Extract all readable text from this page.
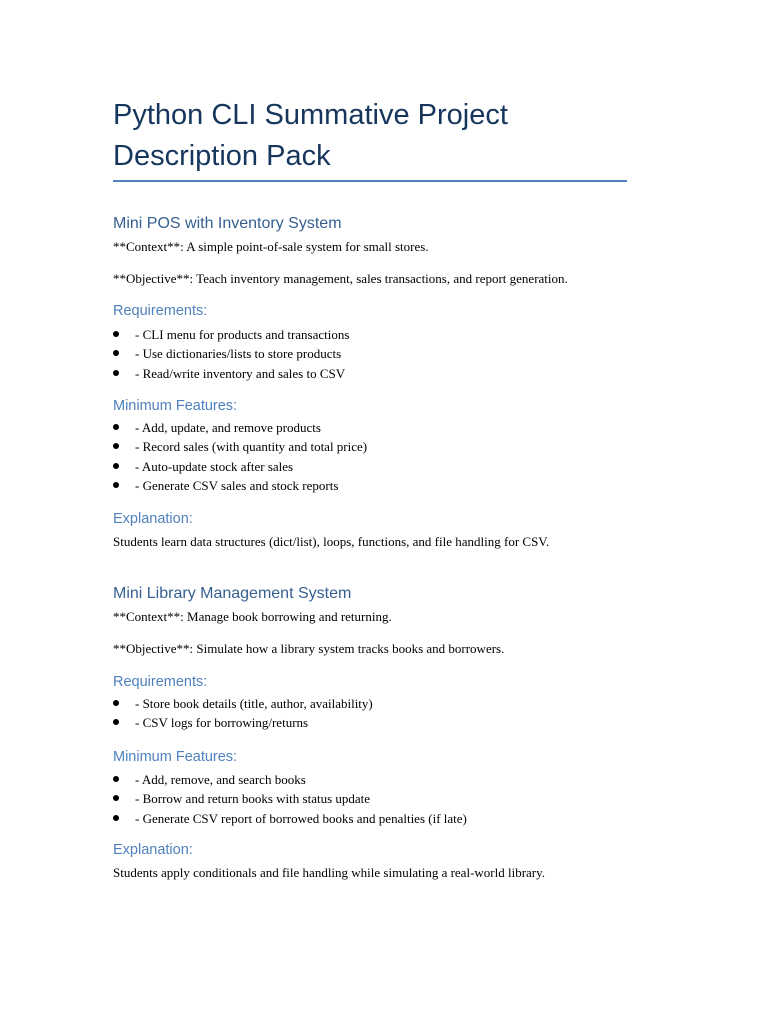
Python CLI Summative Project
Description Pack
Mini POS with Inventory System

**Context**: A simple point-of-sale system for small stores.

**Objective**: Teach inventory management, sales transactions, and report generation.

Requirements:
- CLI menu for products and transactions
- Use dictionaries/lists to store products
- Read/write inventory and sales to CSV
Minimum Features:
- Add, update, and remove products
- Record sales (with quantity and total price)
- Auto-update stock after sales
- Generate CSV sales and stock reports
Explanation:

Students learn data structures (dict/list), loops, functions, and file handling for CSV.

Mini Library Management System

**Context**: Manage book borrowing and returning.

**Objective**: Simulate how a library system tracks books and borrowers.

Requirements:
- Store book details (title, author, availability)
- CSV logs for borrowing/returns
Minimum Features:
- Add, remove, and search books
- Borrow and return books with status update
- Generate CSV report of borrowed books and penalties (if late)
Explanation:

Students apply conditionals and file handling while simulating a real-world library.
